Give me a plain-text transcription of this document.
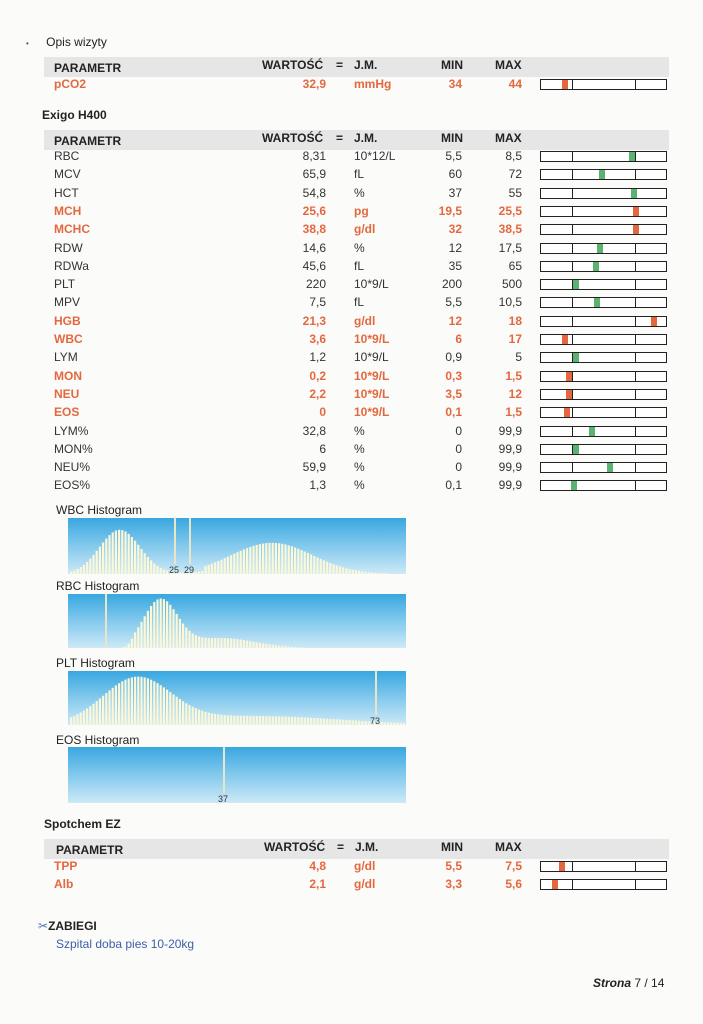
• Opis wizyty
PARAMETR	WARTOŚĆ = J.M.	MIN	MAX
pCO2	32,9 mmHg	34	44
Exigo H400
PARAMETR	WARTOŚĆ = J.M.	MIN	MAX
RBC	8,31 10*12/L	5,5	8,5
MCV	65,9 fL	60	72
HCT	54,8 %	37	55
MCH	25,6 pg	19,5	25,5
MCHC	38,8 g/dl	32	38,5
RDW	14,6 %	12	17,5
RDWa	45,6 fL	35	65
PLT	220 10*9/L	200	500
MPV	7,5 fL	5,5	10,5
HGB	21,3 g/dl	12	18
WBC	3,6 10*9/L	6	17
LYM	1,2 10*9/L	0,9	5
MON	0,2 10*9/L	0,3	1,5
NEU	2,2 10*9/L	3,5	12
EOS	0 10*9/L	0,1	1,5
LYM%	32,8 %	0	99,9
MON%	6 %	0	99,9
NEU%	59,9 %	0	99,9
EOS%	1,3 %	0,1	99,9
WBC Histogram
25 29
RBC Histogram
PLT Histogram
73
EOS Histogram
37
Spotchem EZ
PARAMETR	WARTOŚĆ = J.M.	MIN	MAX
TPP	4,8 g/dl	5,5	7,5
Alb	2,1 g/dl	3,3	5,6
✂ZABIEGI
Szpital doba pies 10-20kg
Strona 7 / 14
